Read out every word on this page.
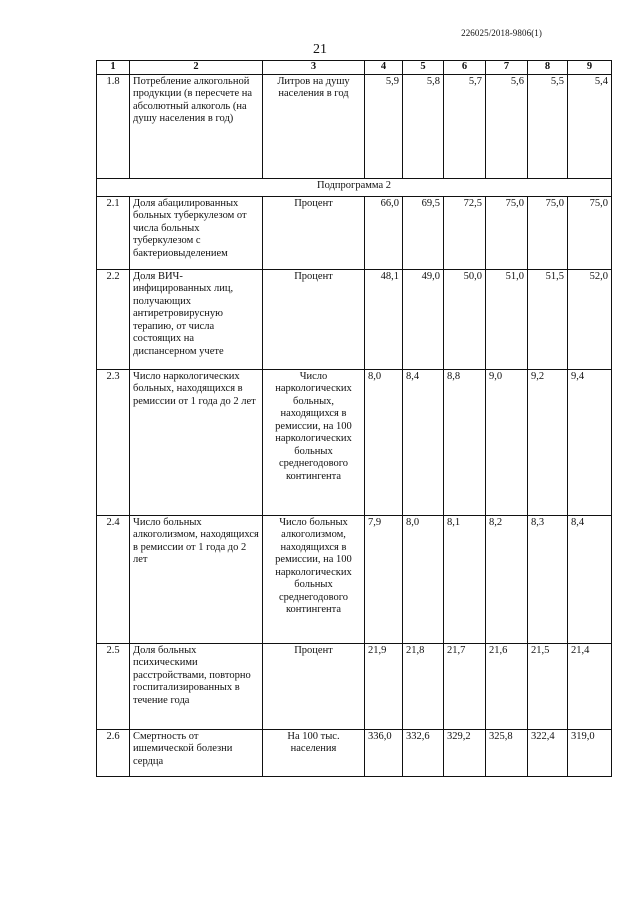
226025/2018-9806(1)
21
1	2	3	4	5	6	7	8	9
1.8	Потребление алкогольной продукции (в пересчете на абсолютный алкоголь (на душу населения в год)	Литров на душу населения в год	5,9	5,8	5,7	5,6	5,5	5,4
Подпрограмма 2								
2.1	Доля абацилированных больных туберкулезом от числа больных туберкулезом с бактериовыделением	Процент	66,0	69,5	72,5	75,0	75,0	75,0
2.2	Доля ВИЧ-инфицированных лиц, получающих антиретровирусную терапию, от числа состоящих на диспансерном учете	Процент	48,1	49,0	50,0	51,0	51,5	52,0
2.3	Число наркологических больных, находящихся в ремиссии от 1 года до 2 лет	Число наркологических больных, находящихся в ремиссии, на 100 наркологических больных среднегодового контингента	8,0	8,4	8,8	9,0	9,2	9,4
2.4	Число больных алкоголизмом, находящихся в ремиссии от 1 года до 2 лет	Число больных алкоголизмом, находящихся в ремиссии, на 100 наркологических больных среднегодового контингента	7,9	8,0	8,1	8,2	8,3	8,4
2.5	Доля больных психическими расстройствами, повторно госпитализированных в течение года	Процент	21,9	21,8	21,7	21,6	21,5	21,4
2.6	Смертность от ишемической болезни сердца	На 100 тыс. населения	336,0	332,6	329,2	325,8	322,4	319,0
